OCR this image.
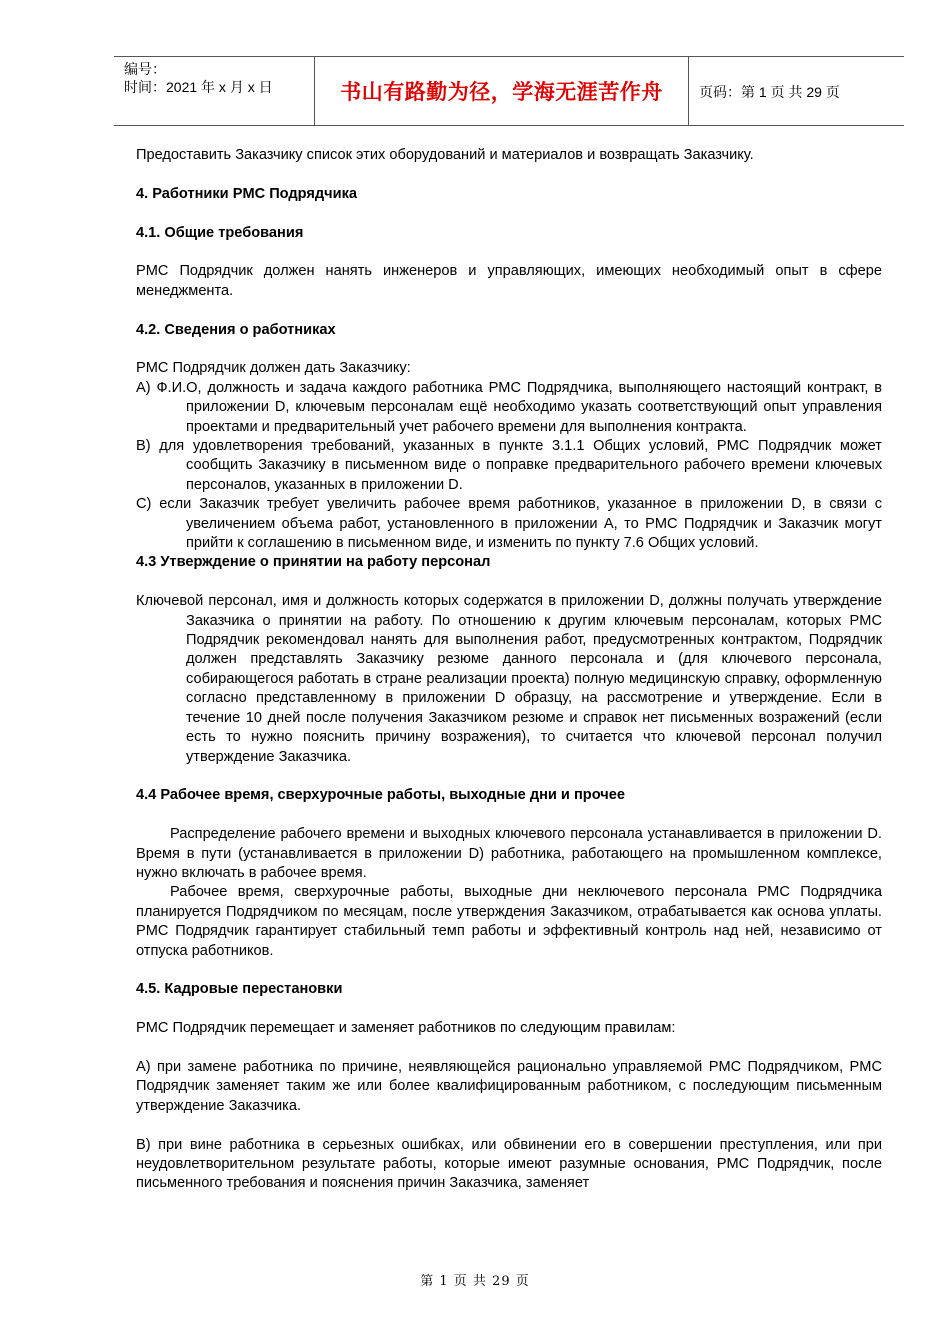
编号：
时间：2021 年 x 月 x 日	书山有路勤为径，学海无涯苦作舟	页码：第 1 页 共 29 页

Предоставить Заказчику список этих оборудований и материалов и возвращать Заказчику.

4. Работники PMC Подрядчика

4.1. Общие требования

PMC Подрядчик должен нанять инженеров и управляющих, имеющих необходимый опыт в сфере менеджмента.

4.2. Сведения о работниках

PMC Подрядчик должен дать Заказчику:

A) Ф.И.О, должность и задача каждого работника PMC Подрядчика, выполняющего настоящий контракт, в приложении D, ключевым персоналам ещё необходимо указать соответствующий опыт управления проектами и предварительный учет рабочего времени для выполнения контракта.

B) для удовлетворения требований, указанных в пункте 3.1.1 Общих условий, PMC Подрядчик может сообщить Заказчику в письменном виде о поправке предварительного рабочего времени ключевых персоналов, указанных в приложении D.

C) если Заказчик требует увеличить рабочее время работников, указанное в приложении D, в связи с увеличением объема работ, установленного в приложении A, то PMC Подрядчик и Заказчик могут прийти к соглашению в письменном виде, и изменить по пункту 7.6 Общих условий.

4.3 Утверждение о принятии на работу персонал

Ключевой персонал, имя и должность которых содержатся в приложении D, должны получать утверждение Заказчика о принятии на работу. По отношению к другим ключевым персоналам, которых PMC Подрядчик рекомендовал нанять для выполнения работ, предусмотренных контрактом, Подрядчик должен представлять Заказчику резюме данного персонала и (для ключевого персонала, собирающегося работать в стране реализации проекта) полную медицинскую справку, оформленную согласно представленному в приложении D образцу, на рассмотрение и утверждение. Если в течение 10 дней после получения Заказчиком резюме и справок нет письменных возражений (если есть то нужно пояснить причину возражения), то считается что ключевой персонал получил утверждение Заказчика.

4.4 Рабочее время, сверхурочные работы, выходные дни и прочее

Распределение рабочего времени и выходных ключевого персонала устанавливается в приложении D. Время в пути (устанавливается в приложении D) работника, работающего на промышленном комплексе, нужно включать в рабочее время.

Рабочее время, сверхурочные работы, выходные дни неключевого персонала PMC Подрядчика планируется Подрядчиком по месяцам, после утверждения Заказчиком, отрабатывается как основа уплаты. PMC Подрядчик гарантирует стабильный темп работы и эффективный контроль над ней, независимо от отпуска работников.

4.5. Кадровые перестановки

PMC Подрядчик перемещает и заменяет работников по следующим правилам:

A) при замене работника по причине, неявляющейся рационально управляемой PMC Подрядчиком, PMC Подрядчик заменяет таким же или более квалифицированным работником, с последующим письменным утверждение Заказчика.

B) при вине работника в серьезных ошибках, или обвинении его в совершении преступления, или при неудовлетворительном результате работы, которые имеют разумные основания, PMC Подрядчик, после письменного требования и пояснения причин Заказчика, заменяет

第 1 页 共 29 页
